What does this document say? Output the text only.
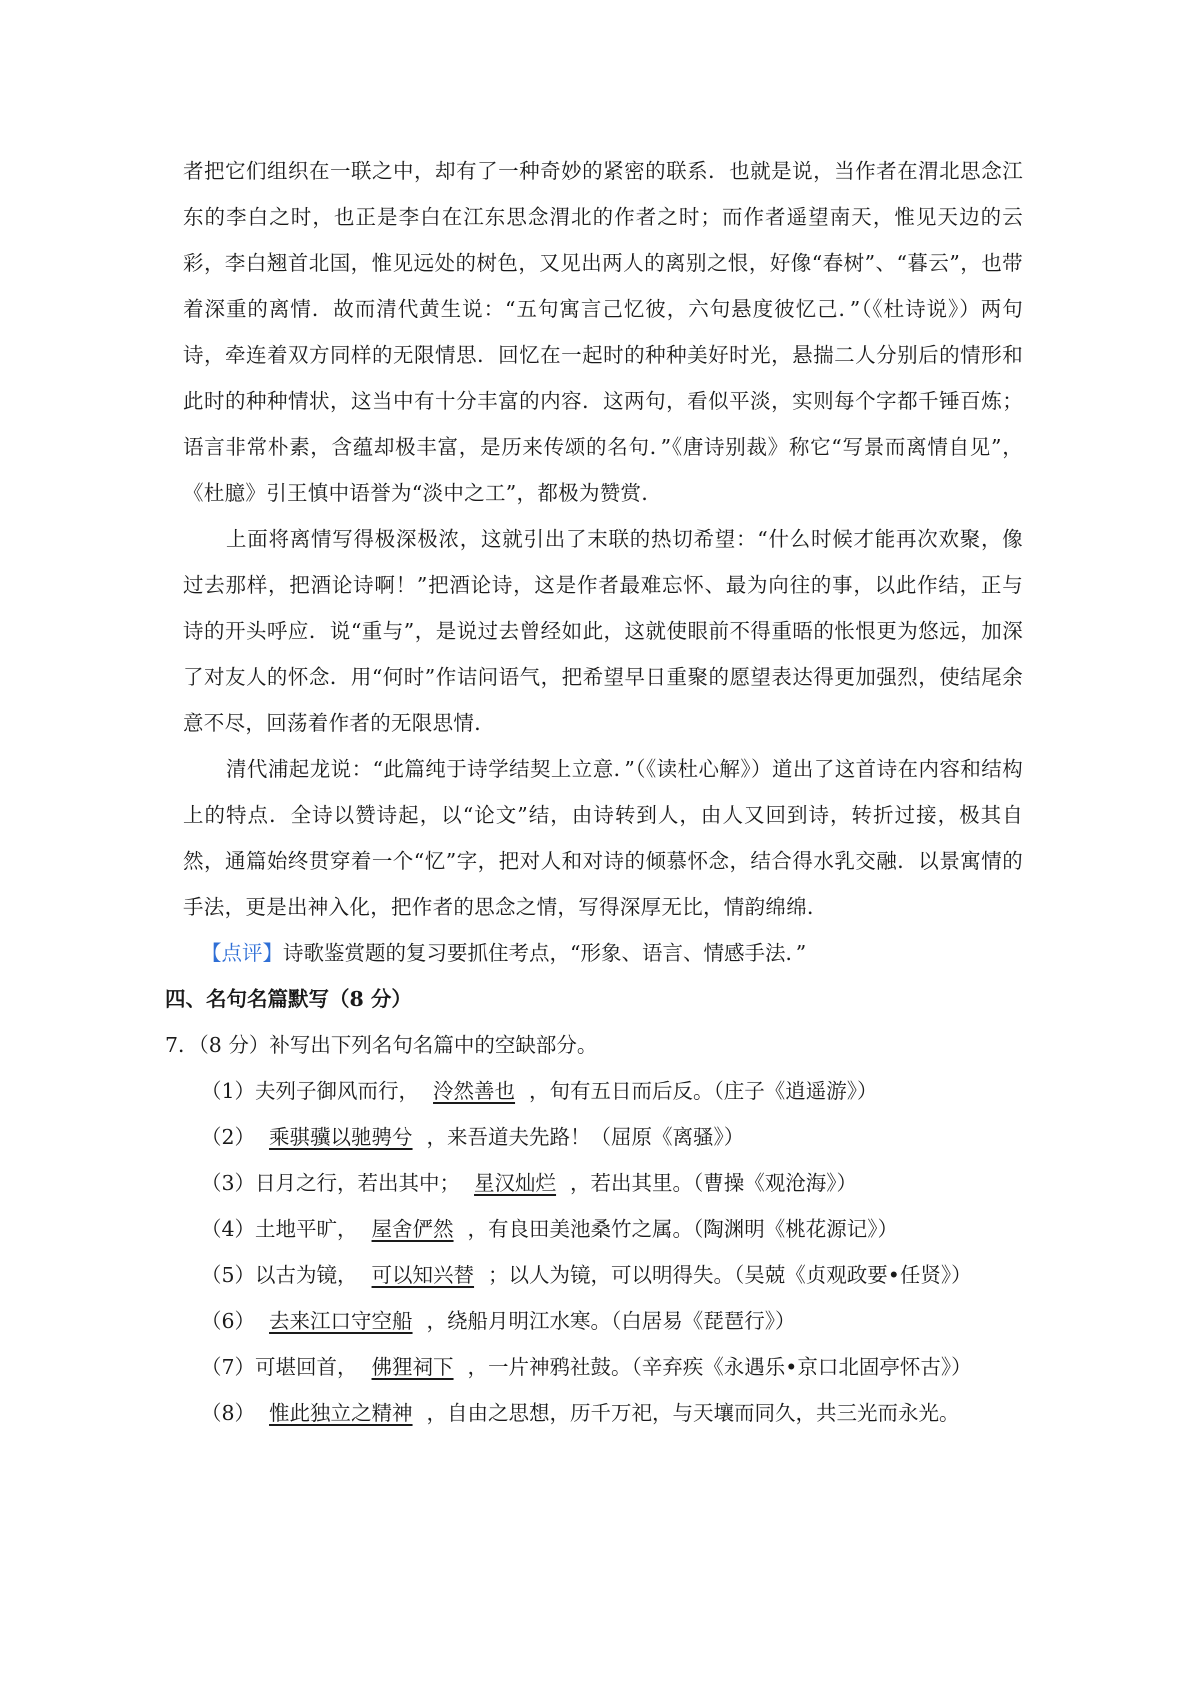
者把它们组织在一联之中，却有了一种奇妙的紧密的联系．也就是说，当作者在渭北思念江东的李白之时，也正是李白在江东思念渭北的作者之时；而作者遥望南天，惟见天边的云彩，李白翘首北国，惟见远处的树色，又见出两人的离别之恨，好像“春树”、“暮云”，也带着深重的离情．故而清代黄生说：“五句寓言己忆彼，六句悬度彼忆己．”（《杜诗说》）两句诗，牵连着双方同样的无限情思．回忆在一起时的种种美好时光，悬揣二人分别后的情形和此时的种种情状，这当中有十分丰富的内容．这两句，看似平淡，实则每个字都千锤百炼；语言非常朴素，含蕴却极丰富，是历来传颂的名句．”《唐诗别裁》称它“写景而离情自见”，《杜臆》引王慎中语誉为“淡中之工”，都极为赞赏．

上面将离情写得极深极浓，这就引出了末联的热切希望：“什么时候才能再次欢聚，像过去那样，把酒论诗啊！”把酒论诗，这是作者最难忘怀、最为向往的事，以此作结，正与诗的开头呼应．说“重与”，是说过去曾经如此，这就使眼前不得重晤的怅恨更为悠远，加深了对友人的怀念．用“何时”作诘问语气，把希望早日重聚的愿望表达得更加强烈，使结尾余意不尽，回荡着作者的无限思情．

清代浦起龙说：“此篇纯于诗学结契上立意．”（《读杜心解》）道出了这首诗在内容和结构上的特点．全诗以赞诗起，以“论文”结，由诗转到人，由人又回到诗，转折过接，极其自然，通篇始终贯穿着一个“忆”字，把对人和对诗的倾慕怀念，结合得水乳交融．以景寓情的手法，更是出神入化，把作者的思念之情，写得深厚无比，情韵绵绵．

【点评】诗歌鉴赏题的复习要抓住考点，“形象、语言、情感手法．”

四、名句名篇默写（8 分）

7．（8 分）补写出下列名句名篇中的空缺部分。

（1）夫列子御风而行， 泠然善也 ，旬有五日而后反。（庄子《逍遥游》）
（2） 乘骐骥以驰骋兮 ，来吾道夫先路！（屈原《离骚》）
（3）日月之行，若出其中； 星汉灿烂 ，若出其里。（曹操《观沧海》）
（4）土地平旷， 屋舍俨然 ，有良田美池桑竹之属。（陶渊明《桃花源记》）
（5）以古为镜， 可以知兴替 ；以人为镜，可以明得失。（吴兢《贞观政要•任贤》）
（6） 去来江口守空船 ，绕船月明江水寒。（白居易《琵琶行》）
（7）可堪回首， 佛狸祠下 ，一片神鸦社鼓。（辛弃疾《永遇乐•京口北固亭怀古》）
（8） 惟此独立之精神 ，自由之思想，历千万祀，与天壤而同久，共三光而永光。
